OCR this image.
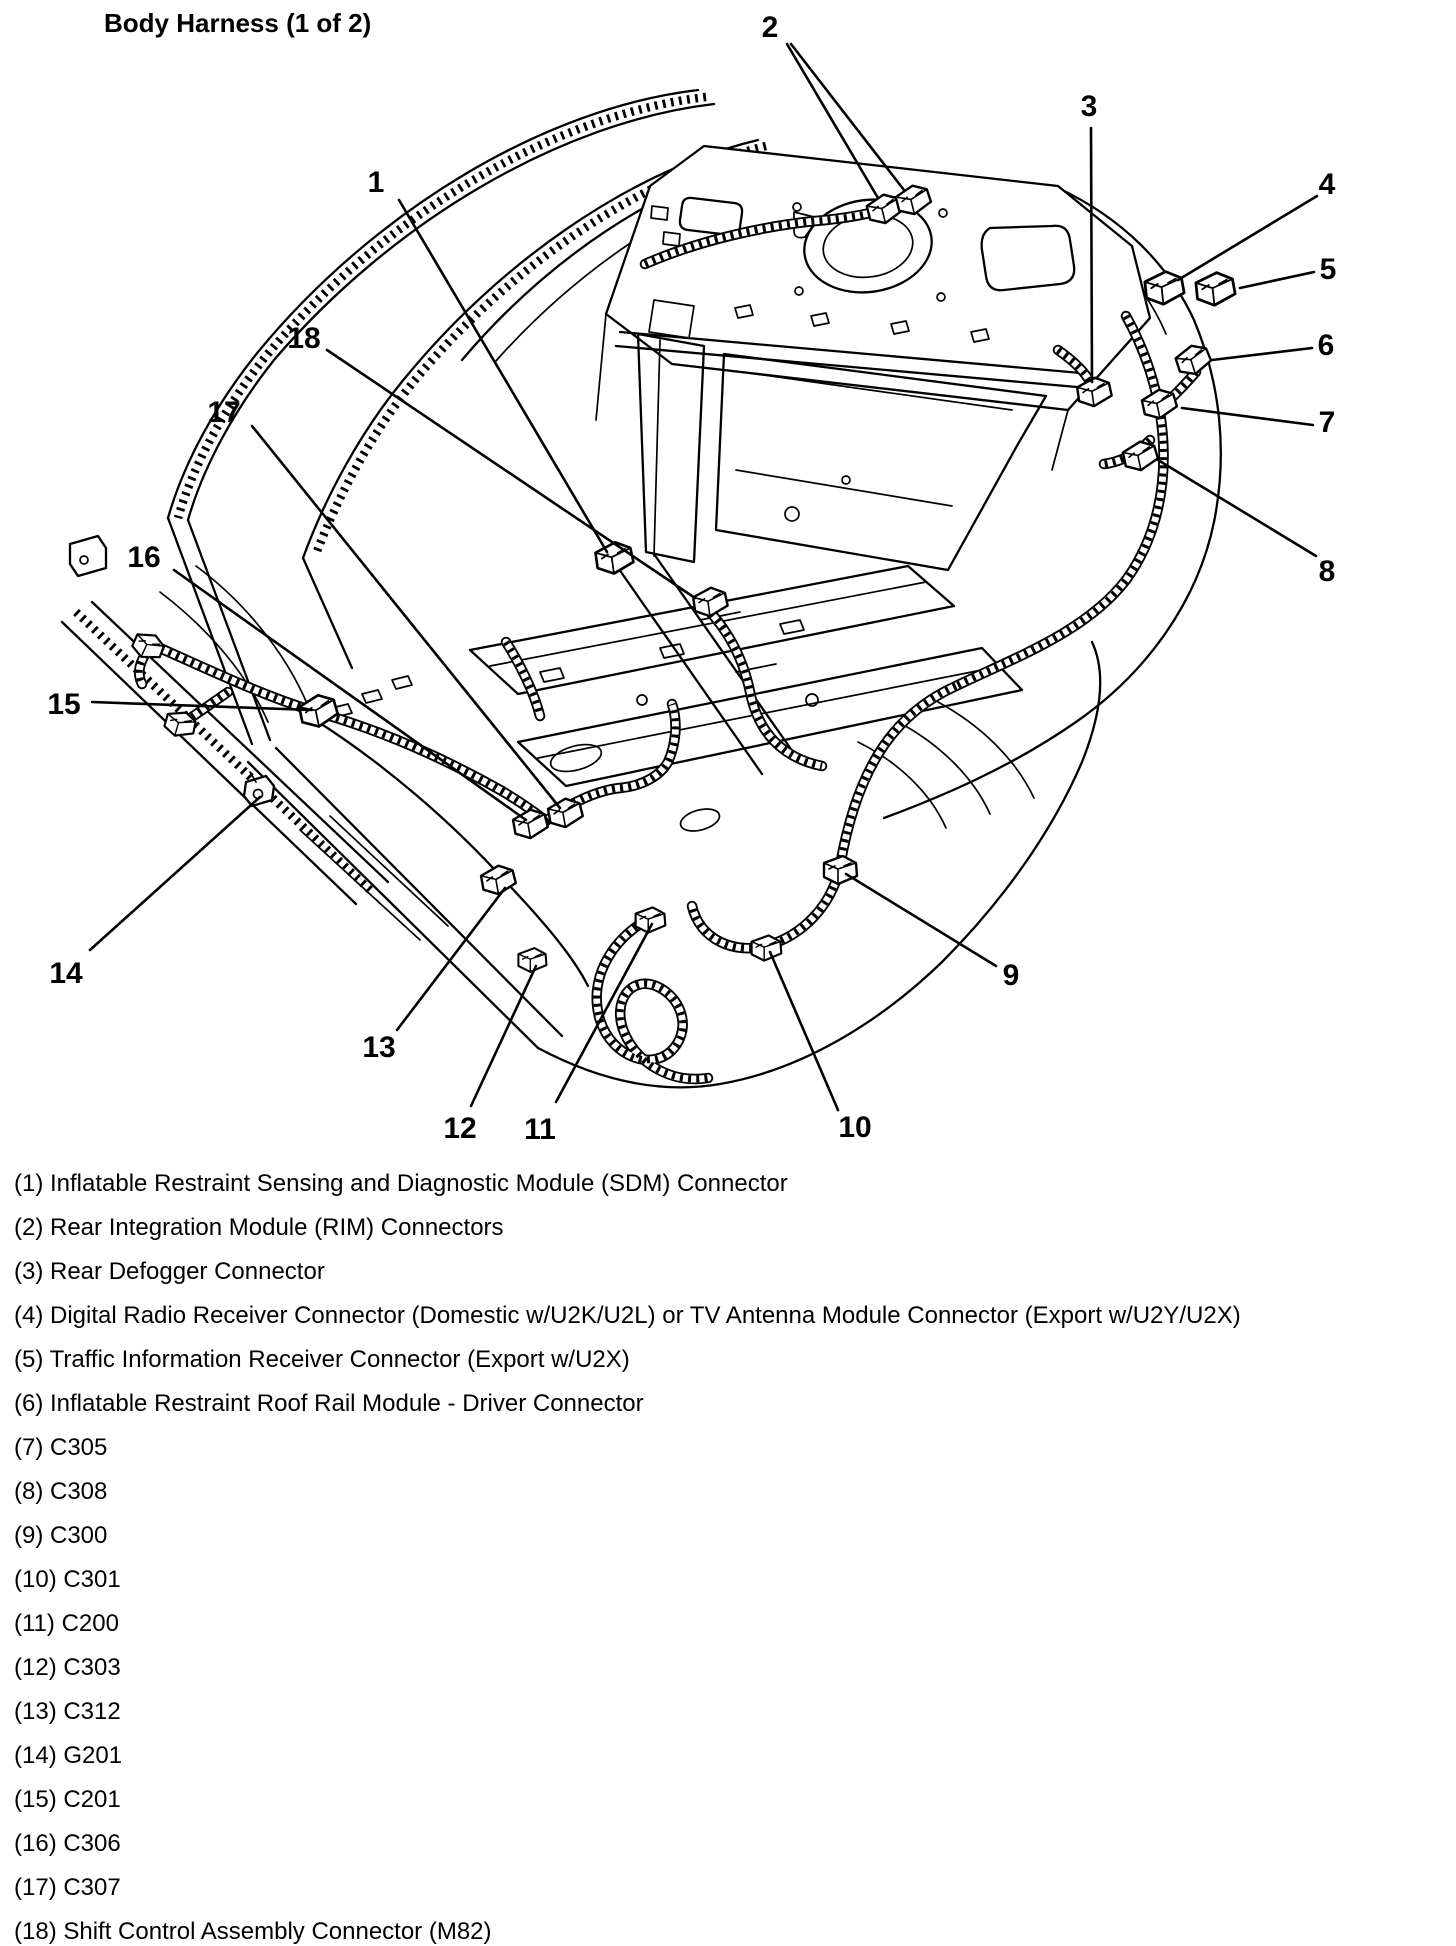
Body Harness (1 of 2)
1
2
3
4
5
6
7
8
9
10
11
12
13
14
15
16
17
18
(1) Inflatable Restraint Sensing and Diagnostic Module (SDM) Connector
(2) Rear Integration Module (RIM) Connectors
(3) Rear Defogger Connector
(4) Digital Radio Receiver Connector (Domestic w/U2K/U2L) or TV Antenna Module Connector (Export w/U2Y/U2X)
(5) Traffic Information Receiver Connector (Export w/U2X)
(6) Inflatable Restraint Roof Rail Module - Driver Connector
(7) C305
(8) C308
(9) C300
(10) C301
(11) C200
(12) C303
(13) C312
(14) G201
(15) C201
(16) C306
(17) C307
(18) Shift Control Assembly Connector (M82)
